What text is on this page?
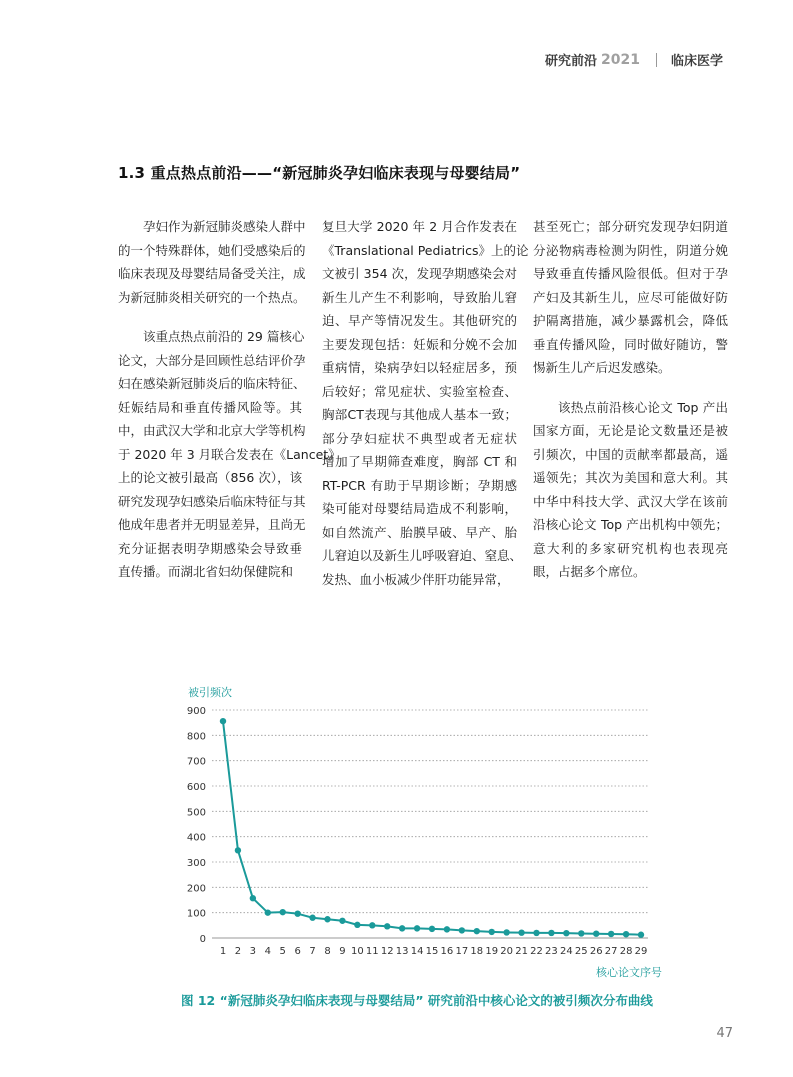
研究前沿 2021 临床医学
1.3 重点热点前沿——“新冠肺炎孕妇临床表现与母婴结局”

孕妇作为新冠肺炎感染人群中
的一个特殊群体，她们受感染后的
临床表现及母婴结局备受关注，成
为新冠肺炎相关研究的一个热点。

该重点热点前沿的 29 篇核心
论文，大部分是回顾性总结评价孕
妇在感染新冠肺炎后的临床特征、
妊娠结局和垂直传播风险等。其
中，由武汉大学和北京大学等机构
于 2020 年 3 月联合发表在《Lancet》
上的论文被引最高（856 次），该
研究发现孕妇感染后临床特征与其
他成年患者并无明显差异，且尚无
充分证据表明孕期感染会导致垂
直传播。而湖北省妇幼保健院和

复旦大学 2020 年 2 月合作发表在
《Translational Pediatrics》上的论
文被引 354 次，发现孕期感染会对
新生儿产生不利影响，导致胎儿窘
迫、早产等情况发生。其他研究的
主要发现包括：妊娠和分娩不会加
重病情，染病孕妇以轻症居多，预
后较好；常见症状、实验室检查、
胸部CT表现与其他成人基本一致；
部分孕妇症状不典型或者无症状
增加了早期筛查难度，胸部 CT 和
RT-PCR 有助于早期诊断；孕期感
染可能对母婴结局造成不利影响，
如自然流产、胎膜早破、早产、胎
儿窘迫以及新生儿呼吸窘迫、窒息、
发热、血小板减少伴肝功能异常，

甚至死亡；部分研究发现孕妇阴道
分泌物病毒检测为阴性，阴道分娩
导致垂直传播风险很低。但对于孕
产妇及其新生儿，应尽可能做好防
护隔离措施，减少暴露机会，降低
垂直传播风险，同时做好随访，警
惕新生儿产后迟发感染。

该热点前沿核心论文 Top 产出
国家方面，无论是论文数量还是被
引频次，中国的贡献率都最高，遥
遥领先；其次为美国和意大利。其
中华中科技大学、武汉大学在该前
沿核心论文 Top 产出机构中领先；
意大利的多家研究机构也表现亮
眼，占据多个席位。

被引频次
核心论文序号
0
100
200
300
400
500
600
700
800
900
1 2 3 4 5 6 7 8 9 10 11 12 13 14 15 16 17 18 19 20 21 22 23 24 25 26 27 28 29
图 12 “新冠肺炎孕妇临床表现与母婴结局” 研究前沿中核心论文的被引频次分布曲线
47
